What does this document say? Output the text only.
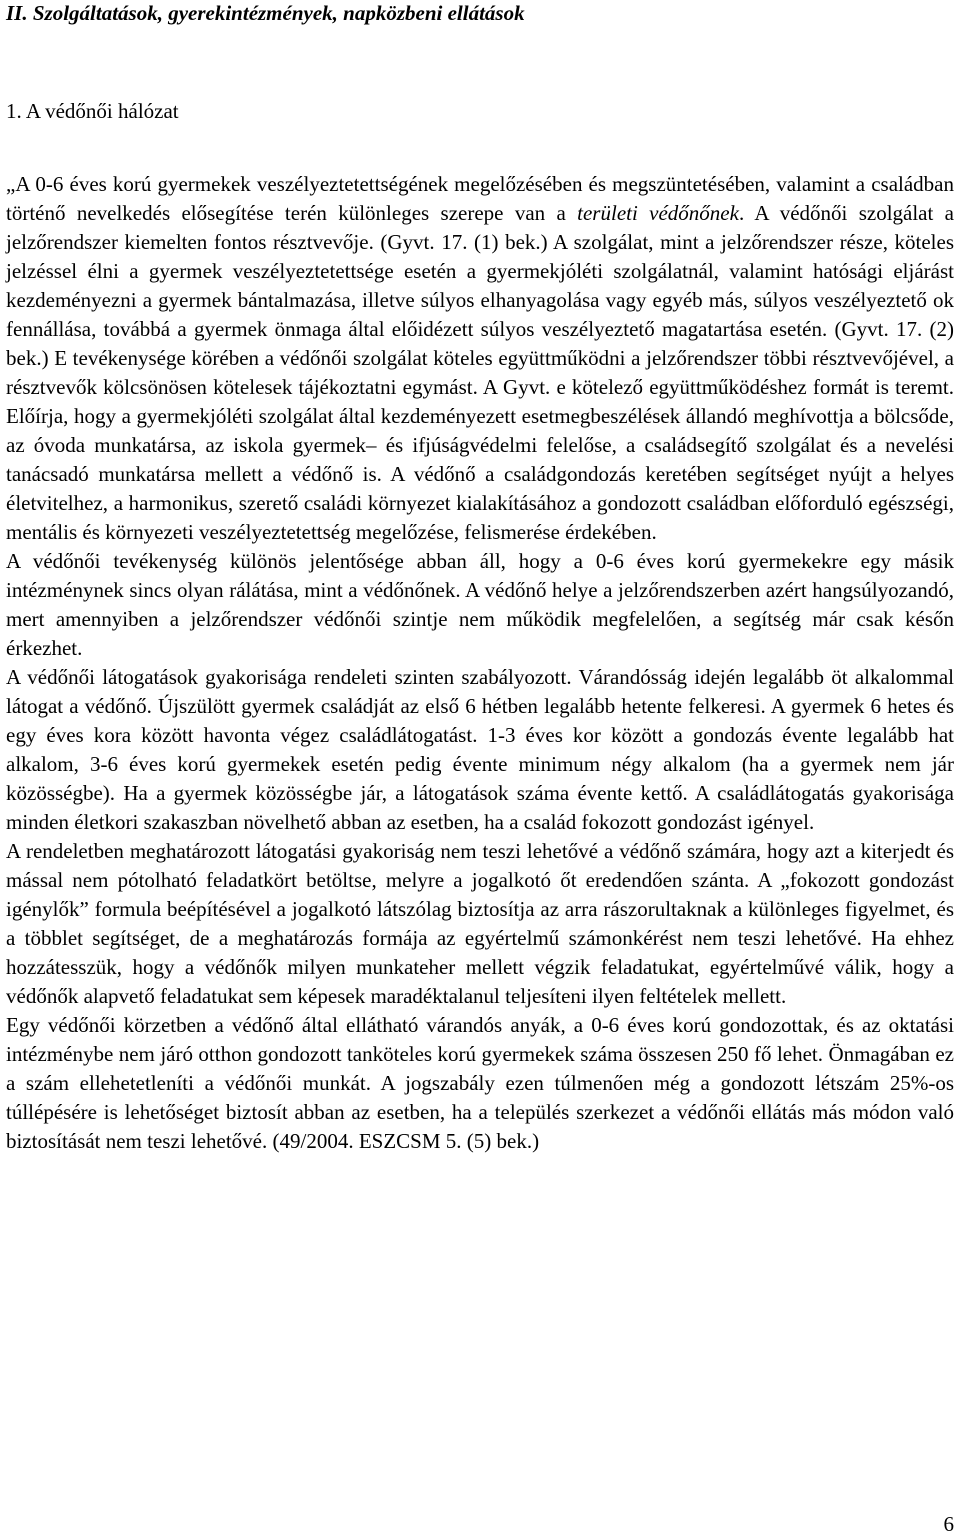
II. Szolgáltatások, gyerekintézmények, napközbeni ellátások
1. A védőnői hálózat

„A 0-6 éves korú gyermekek veszélyeztetettségének megelőzésében és megszüntetésében, valamint a családban történő nevelkedés elősegítése terén különleges szerepe van a területi védőnőnek. A védőnői szolgálat a jelzőrendszer kiemelten fontos résztvevője. (Gyvt. 17. (1) bek.) A szolgálat, mint a jelzőrendszer része, köteles jelzéssel élni a gyermek veszélyeztetettsége esetén a gyermekjóléti szolgálatnál, valamint hatósági eljárást kezdeményezni a gyermek bántalmazása, illetve súlyos elhanyagolása vagy egyéb más, súlyos veszélyeztető ok fennállása, továbbá a gyermek önmaga által előidézett súlyos veszélyeztető magatartása esetén. (Gyvt. 17. (2) bek.) E tevékenysége körében a védőnői szolgálat köteles együttműködni a jelzőrendszer többi résztvevőjével, a résztvevők kölcsönösen kötelesek tájékoztatni egymást. A Gyvt. e kötelező együttműködéshez formát is teremt. Előírja, hogy a gyermekjóléti szolgálat által kezdeményezett esetmegbeszélések állandó meghívottja a bölcsőde, az óvoda munkatársa, az iskola gyermek– és ifjúságvédelmi felelőse, a családsegítő szolgálat és a nevelési tanácsadó munkatársa mellett a védőnő is. A védőnő a családgondozás keretében segítséget nyújt a helyes életvitelhez, a harmonikus, szerető családi környezet kialakításához a gondozott családban előforduló egészségi, mentális és környezeti veszélyeztetettség megelőzése, felismerése érdekében.

A védőnői tevékenység különös jelentősége abban áll, hogy a 0-6 éves korú gyermekekre egy másik intézménynek sincs olyan rálátása, mint a védőnőnek. A védőnő helye a jelzőrendszerben azért hangsúlyozandó, mert amennyiben a jelzőrendszer védőnői szintje nem működik megfelelően, a segítség már csak későn érkezhet.

A védőnői látogatások gyakorisága rendeleti szinten szabályozott. Várandósság idején legalább öt alkalommal látogat a védőnő. Újszülött gyermek családját az első 6 hétben legalább hetente felkeresi. A gyermek 6 hetes és egy éves kora között havonta végez családlátogatást. 1-3 éves kor között a gondozás évente legalább hat alkalom, 3-6 éves korú gyermekek esetén pedig évente minimum négy alkalom (ha a gyermek nem jár közösségbe). Ha a gyermek közösségbe jár, a látogatások száma évente kettő. A családlátogatás gyakorisága minden életkori szakaszban növelhető abban az esetben, ha a család fokozott gondozást igényel.

A rendeletben meghatározott látogatási gyakoriság nem teszi lehetővé a védőnő számára, hogy azt a kiterjedt és mással nem pótolható feladatkört betöltse, melyre a jogalkotó őt eredendően szánta. A „fokozott gondozást igénylők” formula beépítésével a jogalkotó látszólag biztosítja az arra rászorultaknak a különleges figyelmet, és a többlet segítséget, de a meghatározás formája az egyértelmű számonkérést nem teszi lehetővé. Ha ehhez hozzátesszük, hogy a védőnők milyen munkateher mellett végzik feladatukat, egyértelművé válik, hogy a védőnők alapvető feladatukat sem képesek maradéktalanul teljesíteni ilyen feltételek mellett.

Egy védőnői körzetben a védőnő által ellátható várandós anyák, a 0-6 éves korú gondozottak, és az oktatási intézménybe nem járó otthon gondozott tanköteles korú gyermekek száma összesen 250 fő lehet. Önmagában ez a szám ellehetetleníti a védőnői munkát. A jogszabály ezen túlmenően még a gondozott létszám 25%-os túllépésére is lehetőséget biztosít abban az esetben, ha a település szerkezet a védőnői ellátás más módon való biztosítását nem teszi lehetővé. (49/2004. ESZCSM 5. (5) bek.)

6
